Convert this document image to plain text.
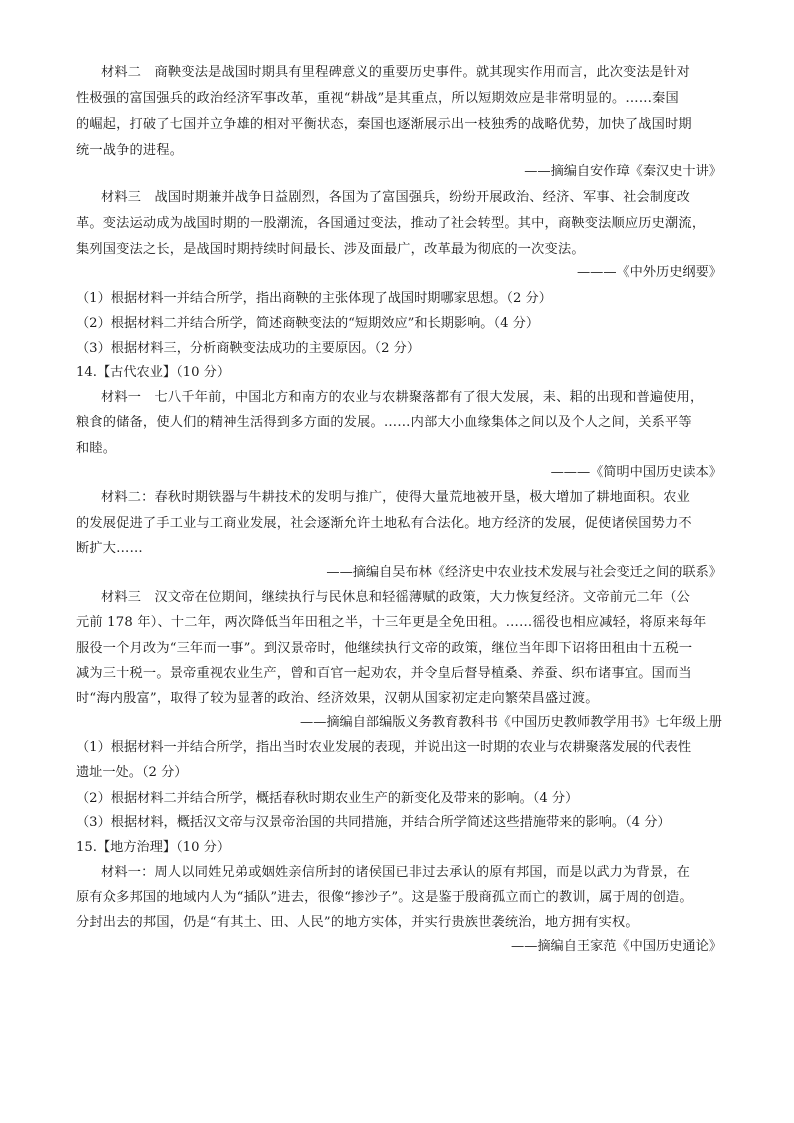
材料二　商鞅变法是战国时期具有里程碑意义的重要历史事件。就其现实作用而言，此次变法是针对
性极强的富国强兵的政治经济军事改革，重视“耕战”是其重点，所以短期效应是非常明显的。……秦国
的崛起，打破了七国并立争雄的相对平衡状态，秦国也逐渐展示出一枝独秀的战略优势，加快了战国时期
统一战争的进程。
——摘编自安作璋《秦汉史十讲》
材料三　战国时期兼并战争日益剧烈，各国为了富国强兵，纷纷开展政治、经济、军事、社会制度改
革。变法运动成为战国时期的一股潮流，各国通过变法，推动了社会转型。其中，商鞅变法顺应历史潮流，
集列国变法之长，是战国时期持续时间最长、涉及面最广，改革最为彻底的一次变法。
———《中外历史纲要》
（1）根据材料一并结合所学，指出商鞅的主张体现了战国时期哪家思想。（2 分）
（2）根据材料二并结合所学，简述商鞅变法的“短期效应”和长期影响。（4 分）
（3）根据材料三，分析商鞅变法成功的主要原因。（2 分）
14.【古代农业】（10 分）
材料一　七八千年前，中国北方和南方的农业与农耕聚落都有了很大发展，耒、耜的出现和普遍使用，
粮食的储备，使人们的精神生活得到多方面的发展。……内部大小血缘集体之间以及个人之间，关系平等
和睦。
———《简明中国历史读本》
材料二：春秋时期铁器与牛耕技术的发明与推广，使得大量荒地被开垦，极大增加了耕地面积。农业
的发展促进了手工业与工商业发展，社会逐渐允许土地私有合法化。地方经济的发展，促使诸侯国势力不
断扩大……
——摘编自吴布林《经济史中农业技术发展与社会变迁之间的联系》
材料三　汉文帝在位期间，继续执行与民休息和轻徭薄赋的政策，大力恢复经济。文帝前元二年（公
元前 178 年）、十二年，两次降低当年田租之半，十三年更是全免田租。……徭役也相应减轻，将原来每年
服役一个月改为“三年而一事”。到汉景帝时，他继续执行文帝的政策，继位当年即下诏将田租由十五税一
减为三十税一。景帝重视农业生产，曾和百官一起劝农，并令皇后督导植桑、养蚕、织布诸事宜。国而当
时“海内殷富”，取得了较为显著的政治、经济效果，汉朝从国家初定走向繁荣昌盛过渡。
——摘编自部编版义务教育教科书《中国历史教师教学用书》七年级上册
（1）根据材料一并结合所学，指出当时农业发展的表现，并说出这一时期的农业与农耕聚落发展的代表性
遗址一处。（2 分）
（2）根据材料二并结合所学，概括春秋时期农业生产的新变化及带来的影响。（4 分）
（3）根据材料，概括汉文帝与汉景帝治国的共同措施，并结合所学简述这些措施带来的影响。（4 分）
15.【地方治理】（10 分）
材料一：周人以同姓兄弟或姻姓亲信所封的诸侯国已非过去承认的原有邦国，而是以武力为背景，在
原有众多邦国的地域内人为“插队”进去，很像“掺沙子”。这是鉴于殷商孤立而亡的教训，属于周的创造。
分封出去的邦国，仍是“有其土、田、人民”的地方实体，并实行贵族世袭统治，地方拥有实权。
——摘编自王家范《中国历史通论》
